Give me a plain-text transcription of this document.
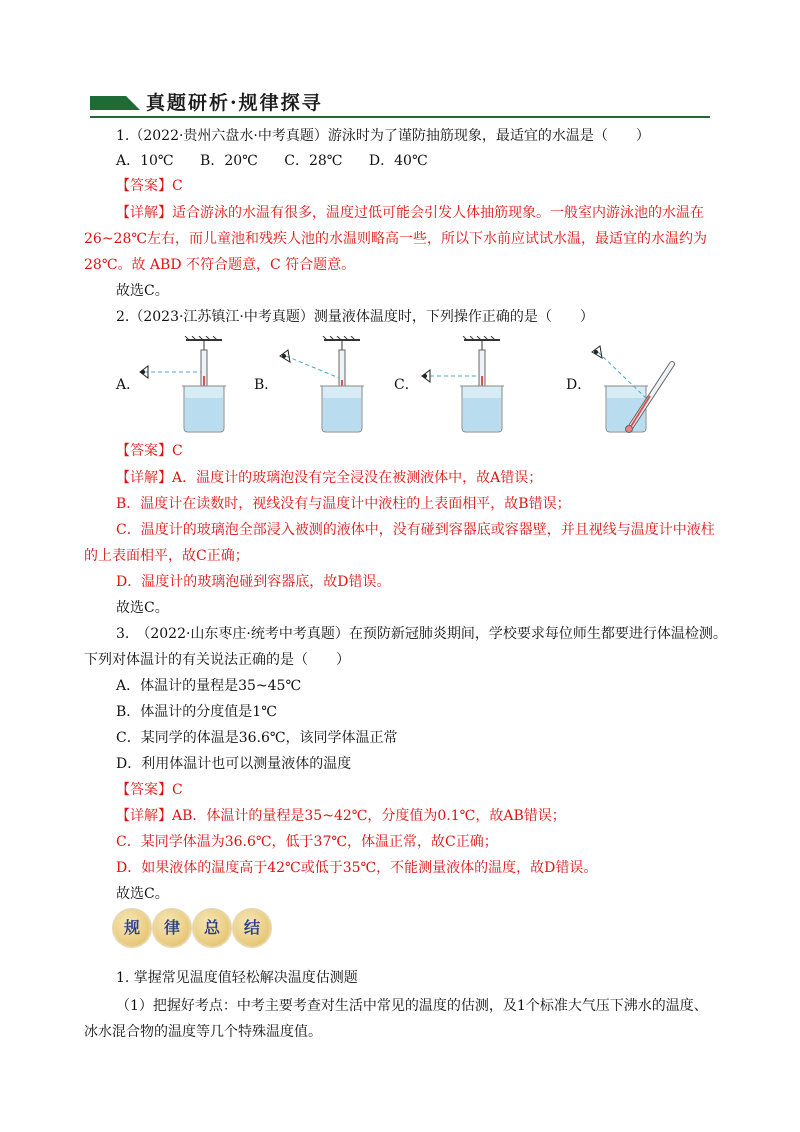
真题研析·规律探寻
1.（2022·贵州六盘水·中考真题）游泳时为了谨防抽筋现象，最适宜的水温是（　　）
A．10℃ B．20℃ C．28℃ D．40℃
【答案】C
【详解】适合游泳的水温有很多，温度过低可能会引发人体抽筋现象。一般室内游泳池的水温在
26~28℃左右，而儿童池和残疾人池的水温则略高一些，所以下水前应试试水温，最适宜的水温约为
28℃。故 ABD 不符合题意，C 符合题意。
故选C。
2.（2023·江苏镇江·中考真题）测量液体温度时，下列操作正确的是（　　）
A．	B．	C．	D．
【答案】C
【详解】A．温度计的玻璃泡没有完全浸没在被测液体中，故A错误；
B．温度计在读数时，视线没有与温度计中液柱的上表面相平，故B错误；
C．温度计的玻璃泡全部浸入被测的液体中，没有碰到容器底或容器壁，并且视线与温度计中液柱
的上表面相平，故C正确；
D．温度计的玻璃泡碰到容器底，故D错误。
故选C。
3.　（2022·山东枣庄·统考中考真题）在预防新冠肺炎期间，学校要求每位师生都要进行体温检测。
下列对体温计的有关说法正确的是（　　）
A．体温计的量程是35~45℃
B．体温计的分度值是1℃
C．某同学的体温是36.6℃，该同学体温正常
D．利用体温计也可以测量液体的温度
【答案】C
【详解】AB．体温计的量程是35~42℃，分度值为0.1℃，故AB错误；
C．某同学体温为36.6℃，低于37℃，体温正常，故C正确；
D．如果液体的温度高于42℃或低于35℃，不能测量液体的温度，故D错误。
故选C。
规	律	总	结
1. 掌握常见温度值轻松解决温度估测题
（1）把握好考点：中考主要考查对生活中常见的温度的估测，及1个标准大气压下沸水的温度、
冰水混合物的温度等几个特殊温度值。
